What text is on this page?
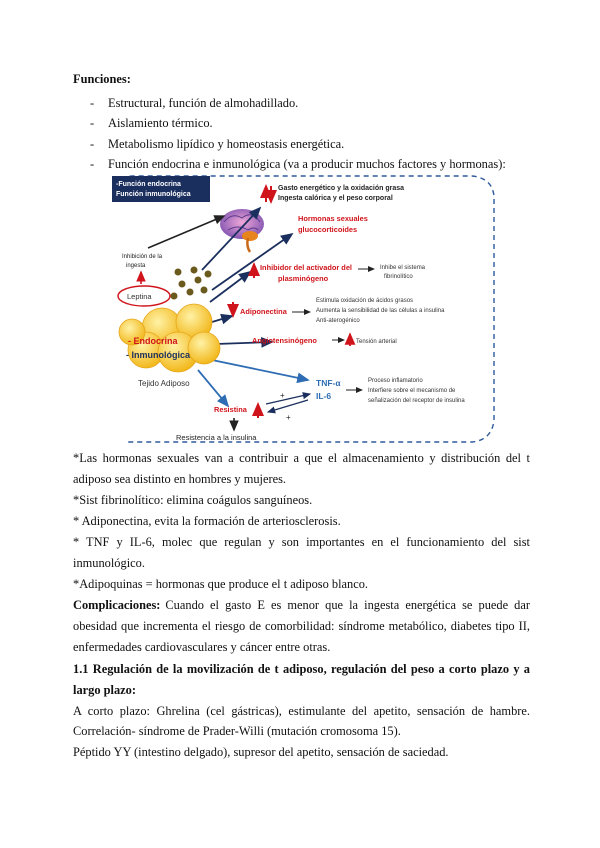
Funciones:
- Estructural, función de almohadillado.
- Aislamiento térmico.
- Metabolismo lipídico y homeostasis energética.
- Función endocrina e inmunológica (va a producir muchos factores y hormonas):
-Función endocrina
Función inmunológica
Gasto energético y la oxidación grasa
Ingesta calórica y el peso corporal
Hormonas sexuales
glucocorticoides
Inhibición de la
ingesta
Leptina
Inhibidor del activador del
plasminógeno
Inhibe el sistema
fibrinolítico
Adiponectina
Estimula oxidación de ácidos grasos
Aumenta la sensibilidad de las células a insulina
Anti-aterogénico
- Endocrina
- Inmunológica
Angiotensinógeno	Tensión arterial
Tejido Adiposo	TNF-α
IL-6
Proceso inflamatorio
Interfiere sobre el mecanismo de
señalización del receptor de insulina
Resistina
+
+
Resistencia a la insulina
*Las hormonas sexuales van a contribuir a que el almacenamiento y distribución del t
adiposo sea distinto en hombres y mujeres.
*Sist fibrinolítico: elimina coágulos sanguíneos.
* Adiponectina, evita la formación de arteriosclerosis.
* TNF y IL-6, molec que regulan y son importantes en el funcionamiento del sist
inmunológico.
*Adipoquinas = hormonas que produce el t adiposo blanco.
Complicaciones: Cuando el gasto E es menor que la ingesta energética se puede dar
obesidad que incrementa el riesgo de comorbilidad: síndrome metabólico, diabetes tipo II,
enfermedades cardiovasculares y cáncer entre otras.
1.1 Regulación de la movilización de t adiposo, regulación del peso a corto plazo y a
largo plazo:
A corto plazo: Ghrelina (cel gástricas), estimulante del apetito, sensación de hambre.
Correlación- síndrome de Prader-Willi (mutación cromosoma 15).
Péptido YY (intestino delgado), supresor del apetito, sensación de saciedad.
